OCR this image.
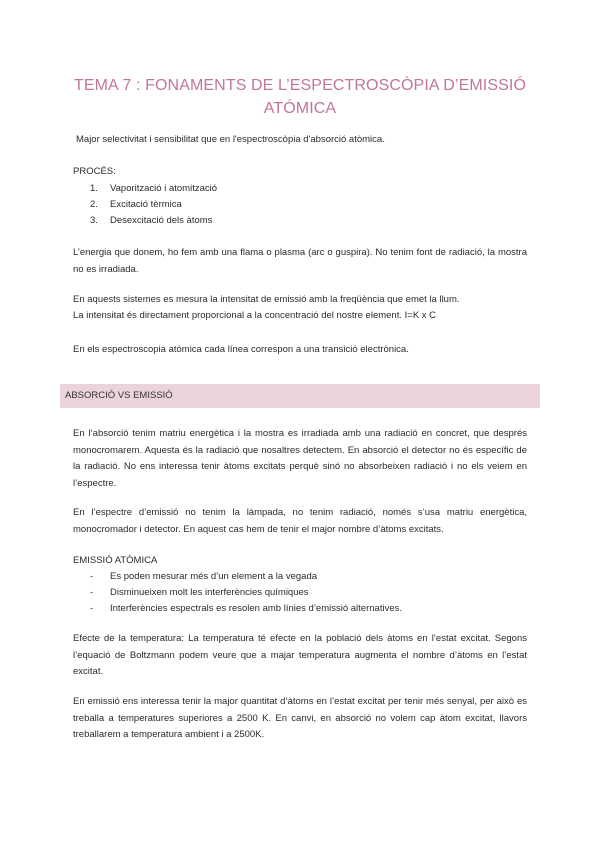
TEMA 7 : FONAMENTS DE L’ESPECTROSCÒPIA D’EMISSIÓ ATÓMICA
Major selectivitat i sensibilitat que en l'espectroscòpia d'absorció atòmica.
PROCÉS:
1. Vaporització i atomització
2. Excitació tèrmica
3. Desexcitació dels àtoms
L’energia que donem, ho fem amb una flama o plasma (arc o guspira). No tenim font de radiació, la mostra no es irradiada.
En aquests sistemes es mesura la intensitat de emissió amb la freqüència que emet la llum.
La intensitat és directament proporcional a la concentració del nostre element. I=K x C
En els espectroscopia atòmica cada línea correspon a una transició electrònica.
ABSORCIÓ VS EMISSIÓ
En l’absorció tenim matriu energètica i la mostra es irradiada amb una radiació en concret, que després monocromarem. Aquesta és la radiació que nosaltres detectem. En absorció el detector no és específic de la radiació. No ens interessa tenir àtoms excitats perquè sinó no absorbeixen radiació i no els veiem en l’espectre.
En l’espectre d’emissió no tenim la làmpada, no tenim radiació, només s’usa matriu energètica, monocromador i detector. En aquest cas hem de tenir el major nombre d’àtoms excitats.
EMISSIÓ ATÒMICA
- Es poden mesurar més d’un element a la vegada
- Disminueixen molt les interferències químiques
- Interferències espectrals es resolen amb línies d’emissió alternatives.
Efecte de la temperatura: La temperatura té efecte en la població dels àtoms en l’estat excitat. Segons l’equació de Boltzmann podem veure que a majar temperatura augmenta el nombre d’àtoms en l’estat excitat.
En emissió ens interessa tenir la major quantitat d’àtoms en l’estat excitat per tenir més senyal, per això es treballa a temperatures superiores a 2500 K. En canvi, en absorció no volem cap àtom excitat, llavors treballarem a temperatura ambient i a 2500K.
